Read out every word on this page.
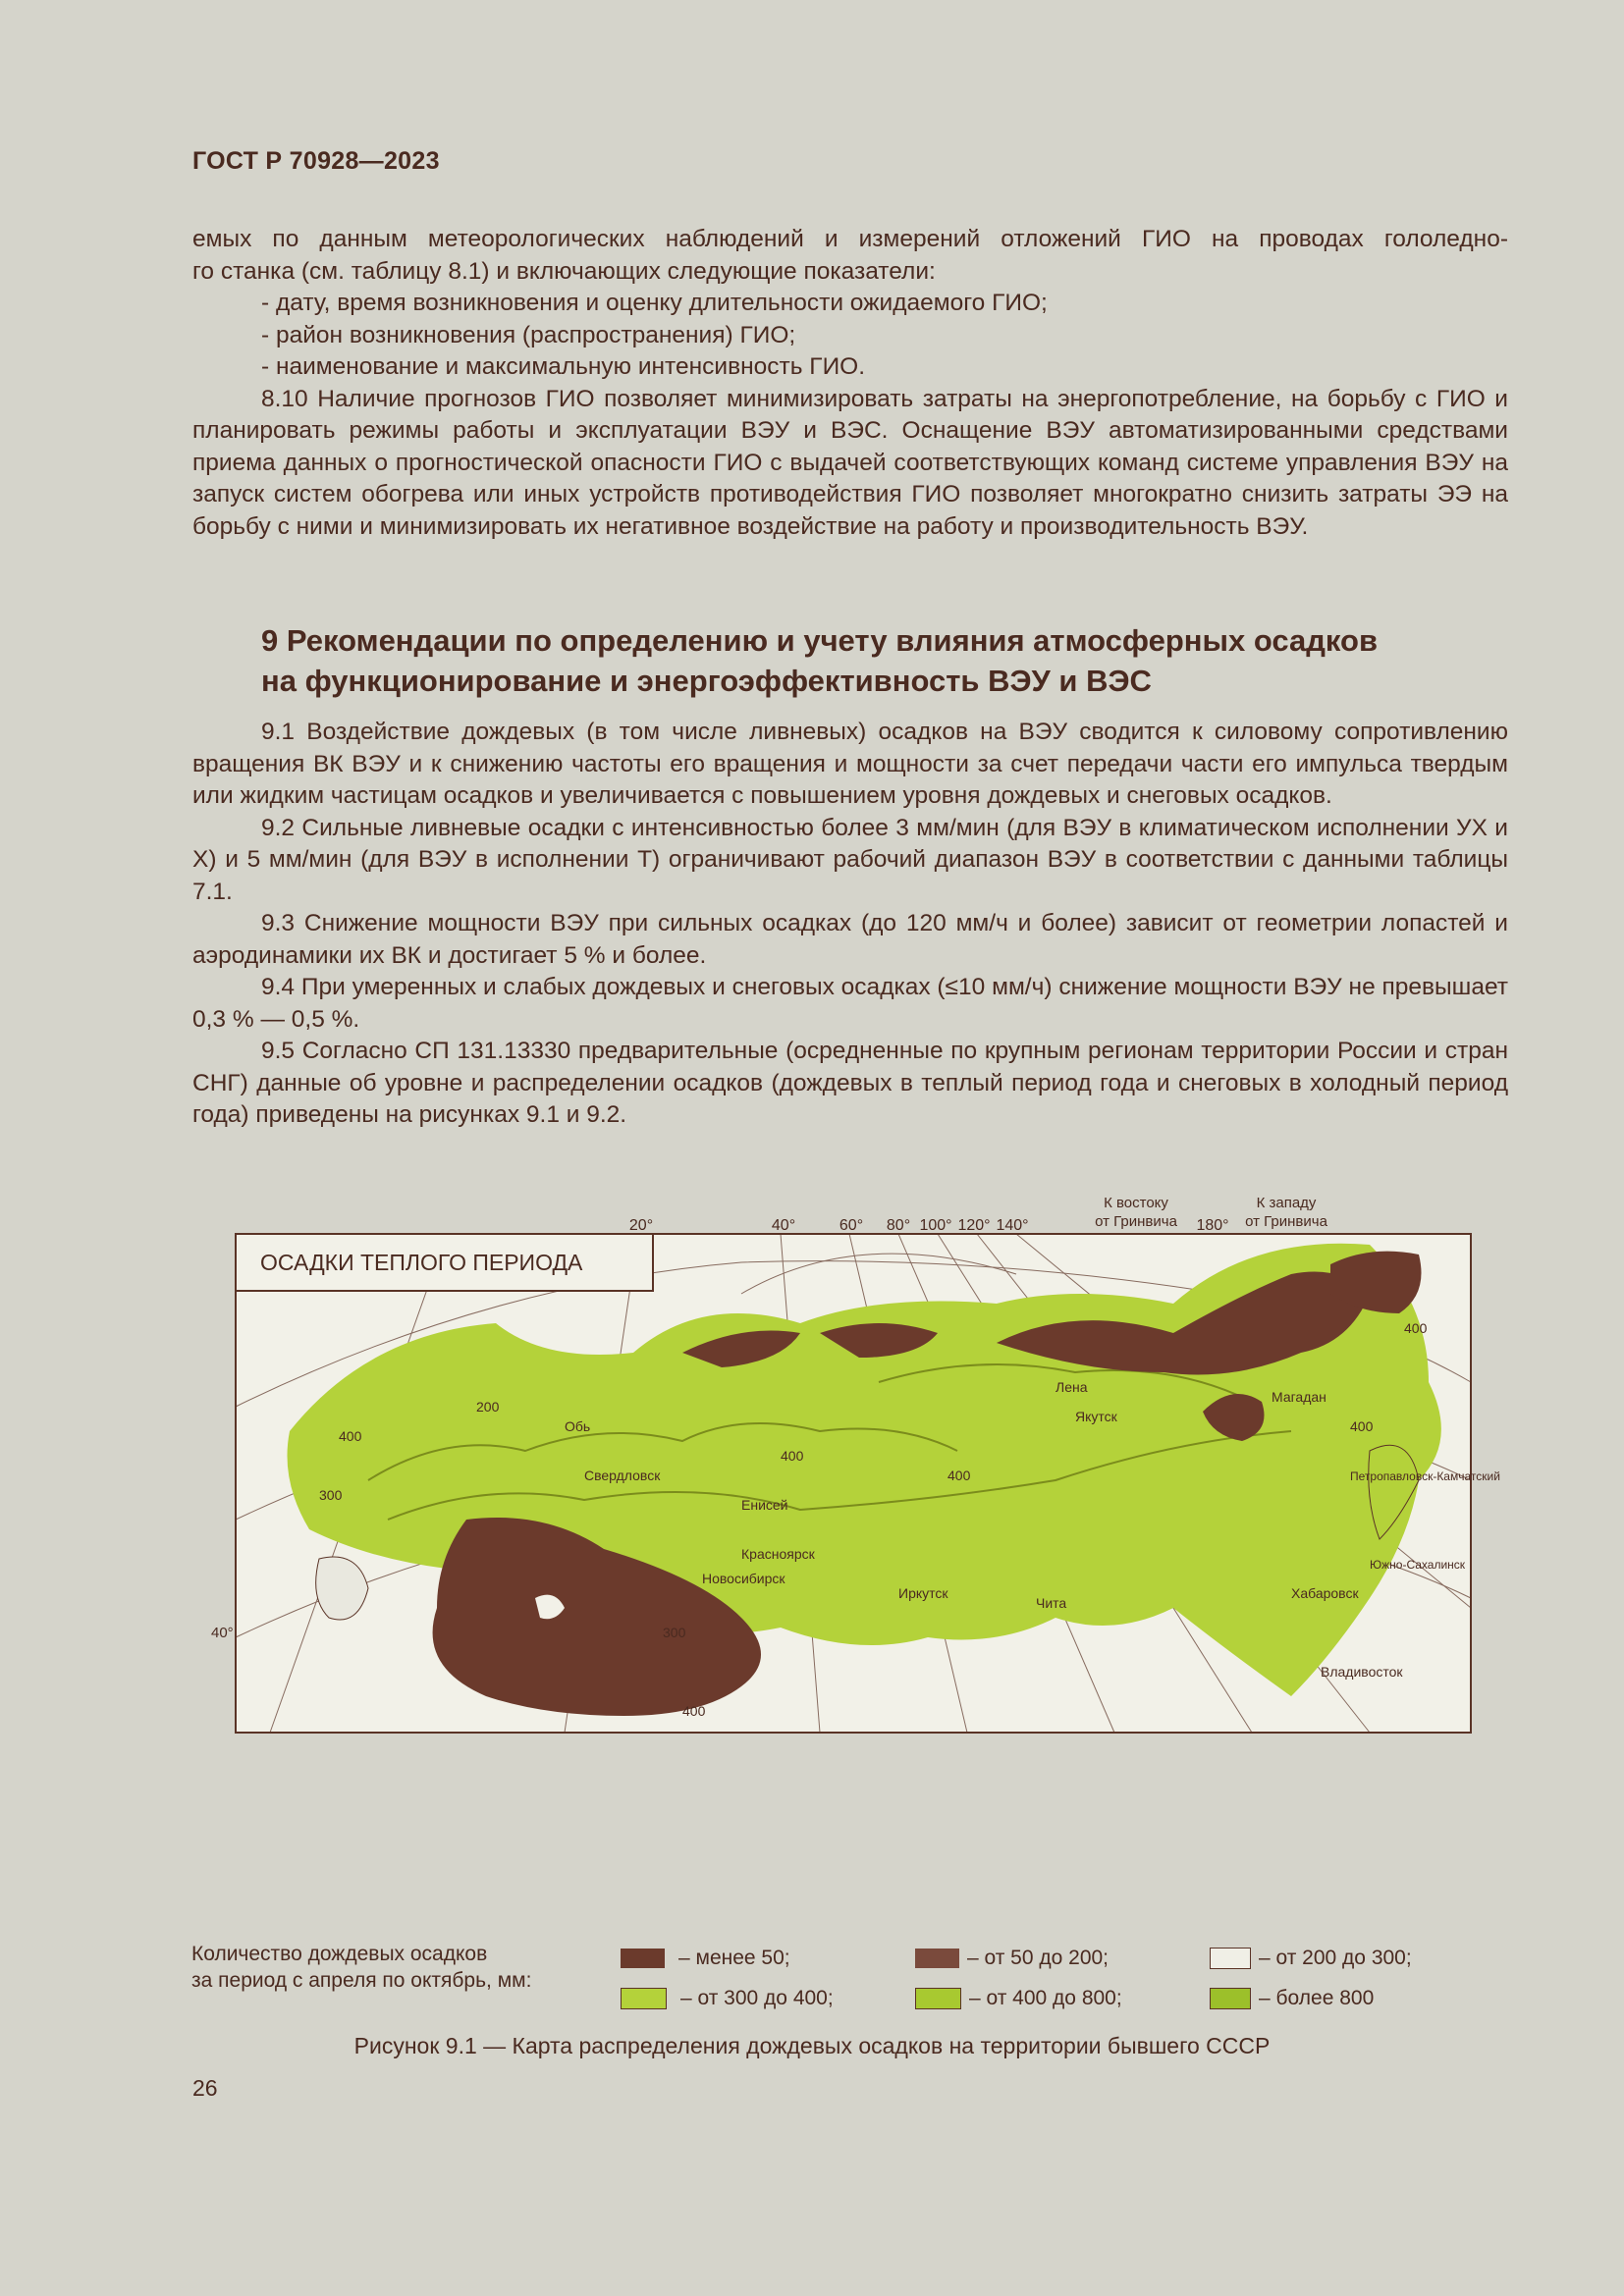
ГОСТ Р 70928—2023

емых по данным метеорологических наблюдений и измерений отложений ГИО на проводах гололедно-

го станка (см. таблицу 8.1) и включающих следующие показатели:

- дату, время возникновения и оценку длительности ожидаемого ГИО;

- район возникновения (распространения) ГИО;

- наименование и максимальную интенсивность ГИО.

8.10 Наличие прогнозов ГИО позволяет минимизировать затраты на энергопотребление, на борьбу с ГИО и планировать режимы работы и эксплуатации ВЭУ и ВЭС. Оснащение ВЭУ автоматизированными средствами приема данных о прогностической опасности ГИО с выдачей соответствующих команд системе управления ВЭУ на запуск систем обогрева или иных устройств противодействия ГИО позволяет многократно снизить затраты ЭЭ на борьбу с ними и минимизировать их негативное воздействие на работу и производительность ВЭУ.

9 Рекомендации по определению и учету влияния атмосферных осадков
на функционирование и энергоэффективность ВЭУ и ВЭС

9.1 Воздействие дождевых (в том числе ливневых) осадков на ВЭУ сводится к силовому сопротивлению вращения ВК ВЭУ и к снижению частоты его вращения и мощности за счет передачи части его импульса твердым или жидким частицам осадков и увеличивается с повышением уровня дождевых и снеговых осадков.

9.2 Сильные ливневые осадки с интенсивностью более 3 мм/мин (для ВЭУ в климатическом исполнении УХ и Х) и 5 мм/мин (для ВЭУ в исполнении Т) ограничивают рабочий диапазон ВЭУ в соответствии с данными таблицы 7.1.

9.3 Снижение мощности ВЭУ при сильных осадках (до 120 мм/ч и более) зависит от геометрии лопастей и аэродинамики их ВК и достигает 5 % и более.

9.4 При умеренных и слабых дождевых и снеговых осадках (≤10 мм/ч) снижение мощности ВЭУ не превышает 0,3 % — 0,5 %.

9.5 Согласно СП 131.13330 предварительные (осредненные по крупным регионам территории России и стран СНГ) данные об уровне и распределении осадков (дождевых в теплый период года и снеговых в холодный период года) приведены на рисунках 9.1 и 9.2.

20°	40°	60° 80° 100° 120° 140°	180°
К востоку
от Гринвича
К западу
от Гринвича
Свердловск
Красноярск
Новосибирск
Якутск
Иркутск
Чита
Хабаровск
Владивосток
Магадан
Енисей
Обь
Лена
Петропавловск-Камчатский
Южно-Сахалинск
200
300
400
400
400
300
400
400
400
40°
ОСАДКИ ТЕПЛОГО ПЕРИОДА
Количество дождевых осадков
за период с апреля по октябрь, мм:
– менее 50;	– от 50 до 200;	– от 200 до 300;
– от 300 до 400;	– от 400 до 800;	– более 800
Рисунок 9.1 — Карта распределения дождевых осадков на территории бывшего СССР
26
